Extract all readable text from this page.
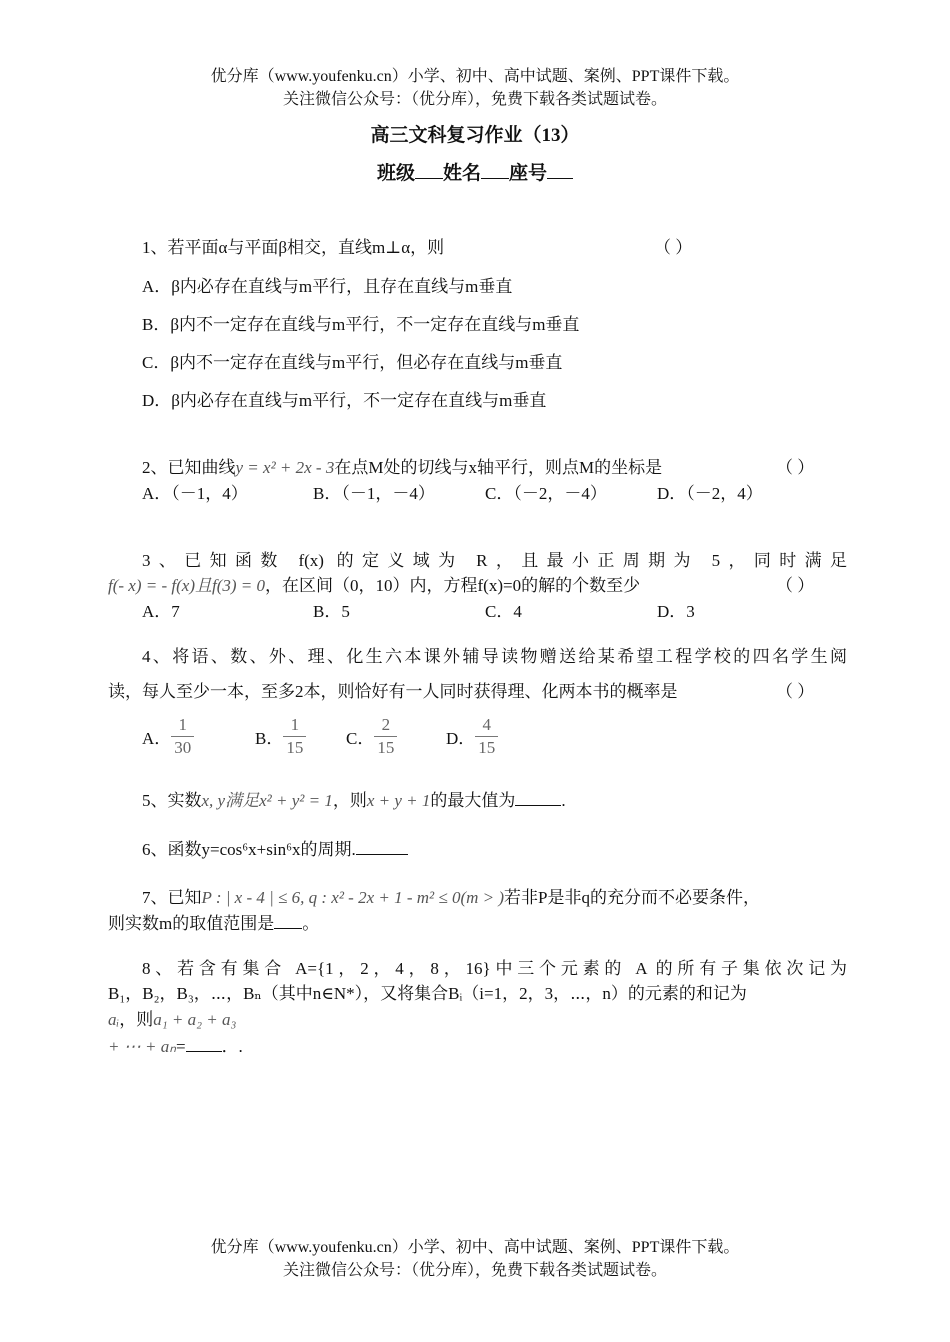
优分库（www.youfenku.cn）小学、初中、高中试题、案例、PPT课件下载。
关注微信公众号：（优分库），免费下载各类试题试卷。
高三文科复习作业（13）
班级 姓名 座号
1、若平面α与平面β相交，直线m⊥α，则	（ ）
A．β内必存在直线与m平行，且存在直线与m垂直
B．β内不一定存在直线与m平行，不一定存在直线与m垂直
C．β内不一定存在直线与m平行，但必存在直线与m垂直
D．β内必存在直线与m平行，不一定存在直线与m垂直
2、已知曲线y = x² + 2x - 3在点M处的切线与x轴平行，则点M的坐标是	（ ）
A．（－1，4）	B．（－1，－4）	C．（－2，－4）	D．（－2，4）
3、已知函数 f(x) 的定义域为 R，且最小正周期为 5，同时满足
f(- x) = - f(x)且f(3) = 0，在区间（0，10）内，方程f(x)=0的解的个数至少	（ ）
A．7	B．5	C．4	D．3
4、将语、数、外、理、化生六本课外辅导读物赠送给某希望工程学校的四名学生阅
读，每人至少一本，至多2本，则恰好有一人同时获得理、化两本书的概率是	（ ）
A． $\frac{1}{30}$	B． $\frac{1}{15}$ C． $\frac{2}{15}$	D． $\frac{4}{15}$
5、实数x, y满足x² + y² = 1，则x + y + 1的最大值为	.
6、函数y=cos⁶x+sin⁶x的周期.
7、已知P : | x - 4 | ≤ 6, q : x² - 2x + 1 - m² ≤ 0(m > )若非P是非q的充分而不必要条件，
则实数m的取值范围是 。
8、若含有集合 A={1，2，4，8，16}中三个元素的 A 的所有子集依次记为
B₁，B₂，B₃，⋯，Bₙ（其中n∈N*），又将集合Bᵢ（i=1，2，3，⋯，n）的元素的和记为
aᵢ，则a₁ + a₂ + a₃
+ ⋯ + aₙ= ．.
优分库（www.youfenku.cn）小学、初中、高中试题、案例、PPT课件下载。
关注微信公众号：（优分库），免费下载各类试题试卷。
